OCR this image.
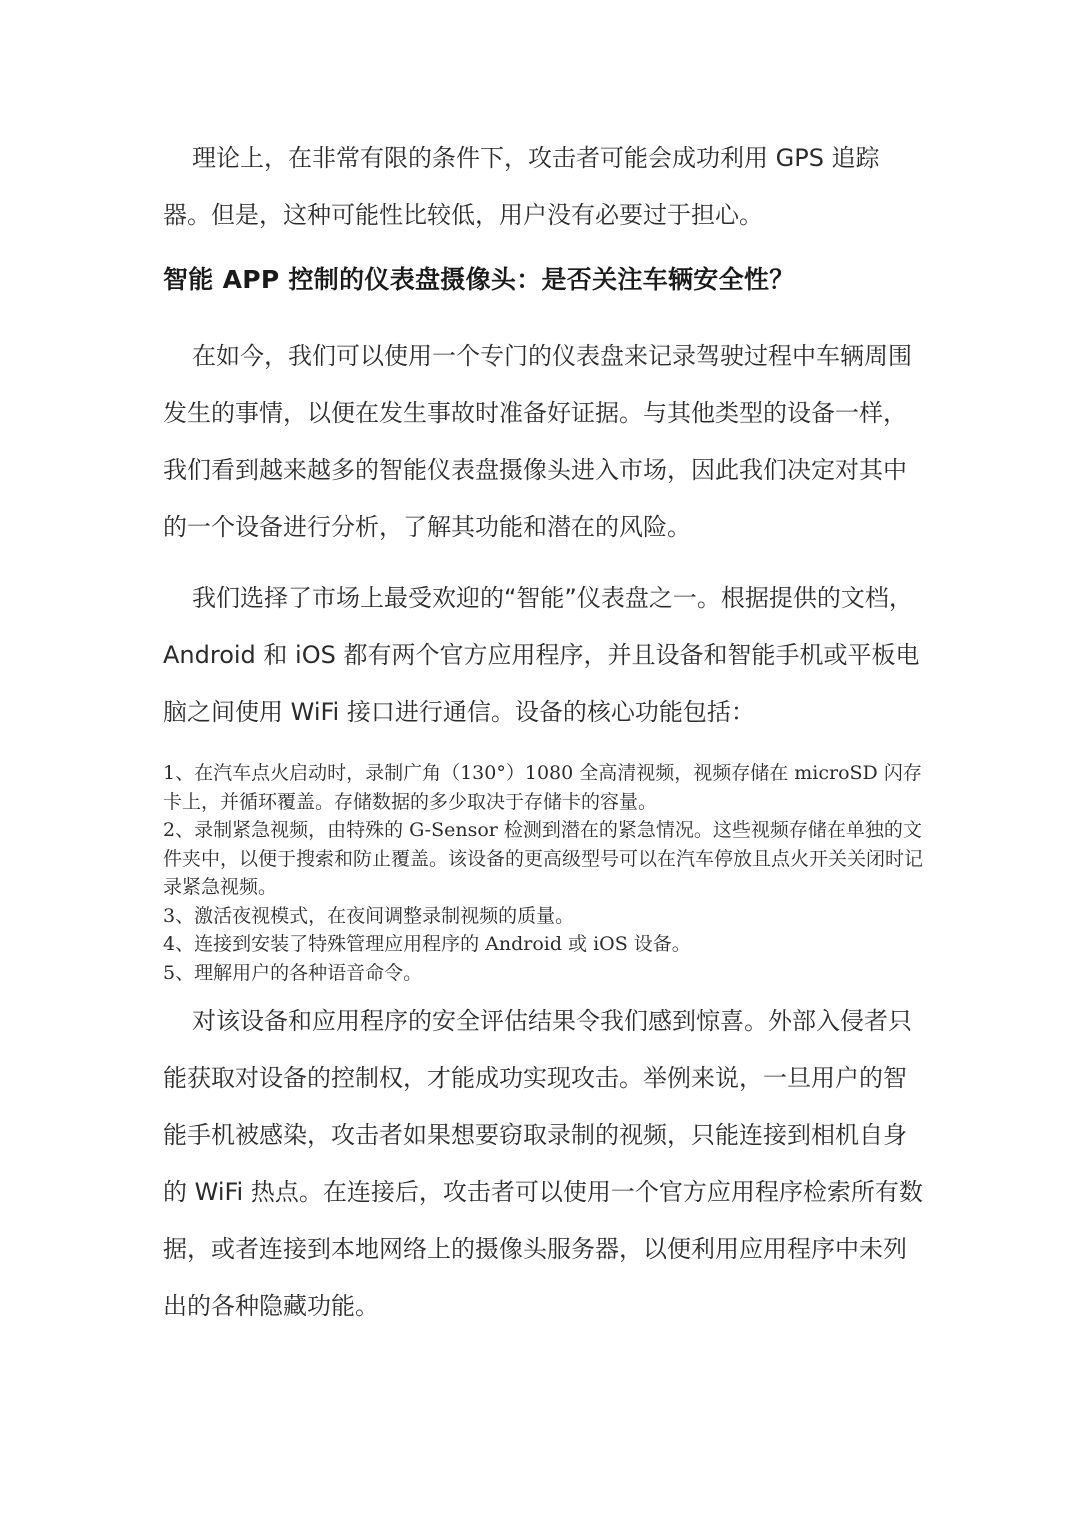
理论上，在非常有限的条件下，攻击者可能会成功利用 GPS 追踪器。但是，这种可能性比较低，用户没有必要过于担心。

智能 APP 控制的仪表盘摄像头：是否关注车辆安全性？

在如今，我们可以使用一个专门的仪表盘来记录驾驶过程中车辆周围发生的事情，以便在发生事故时准备好证据。与其他类型的设备一样，我们看到越来越多的智能仪表盘摄像头进入市场，因此我们决定对其中的一个设备进行分析，了解其功能和潜在的风险。

我们选择了市场上最受欢迎的“智能”仪表盘之一。根据提供的文档，Android 和 iOS 都有两个官方应用程序，并且设备和智能手机或平板电脑之间使用 WiFi 接口进行通信。设备的核心功能包括：

1、在汽车点火启动时，录制广角（130°）1080 全高清视频，视频存储在 microSD 闪存卡上，并循环覆盖。存储数据的多少取决于存储卡的容量。
2、录制紧急视频，由特殊的 G-Sensor 检测到潜在的紧急情况。这些视频存储在单独的文件夹中，以便于搜索和防止覆盖。该设备的更高级型号可以在汽车停放且点火开关关闭时记录紧急视频。
3、激活夜视模式，在夜间调整录制视频的质量。
4、连接到安装了特殊管理应用程序的 Android 或 iOS 设备。
5、理解用户的各种语音命令。

对该设备和应用程序的安全评估结果令我们感到惊喜。外部入侵者只能获取对设备的控制权，才能成功实现攻击。举例来说，一旦用户的智能手机被感染，攻击者如果想要窃取录制的视频，只能连接到相机自身的 WiFi 热点。在连接后，攻击者可以使用一个官方应用程序检索所有数据，或者连接到本地网络上的摄像头服务器，以便利用应用程序中未列出的各种隐藏功能。
